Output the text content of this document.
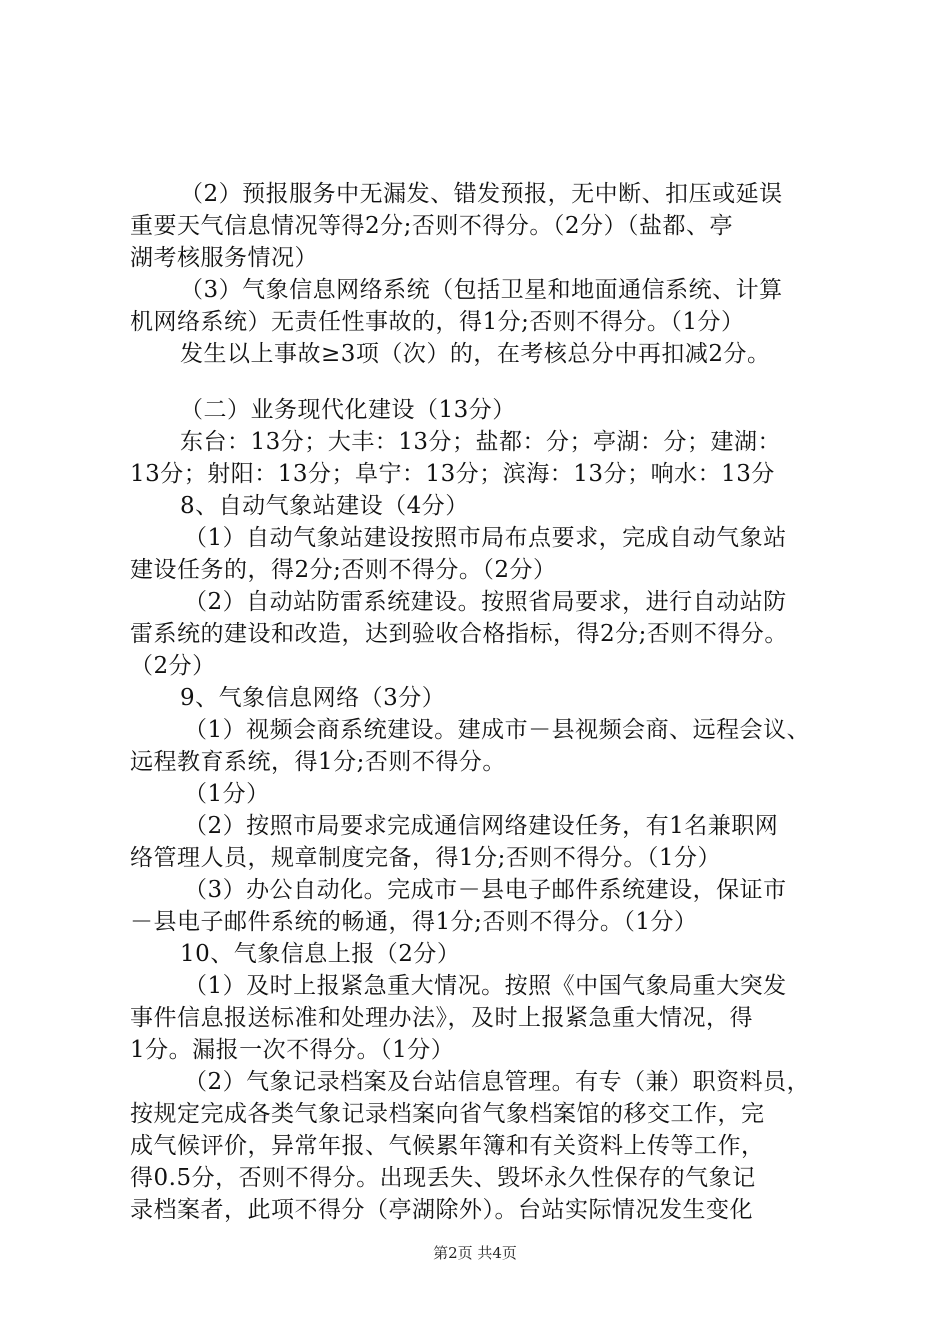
（2）预报服务中无漏发、错发预报，无中断、扣压或延误
重要天气信息情况等得2分;否则不得分。（2分）（盐都、亭
湖考核服务情况）
（3）气象信息网络系统（包括卫星和地面通信系统、计算
机网络系统）无责任性事故的，得1分;否则不得分。（1分）
发生以上事故≥3项（次）的，在考核总分中再扣减2分。
（二）业务现代化建设（13分）
东台：13分；大丰：13分；盐都：分；亭湖：分；建湖：
13分；射阳：13分；阜宁：13分；滨海：13分；响水：13分
8、自动气象站建设（4分）
（1）自动气象站建设按照市局布点要求，完成自动气象站
建设任务的，得2分;否则不得分。（2分）
（2）自动站防雷系统建设。按照省局要求，进行自动站防
雷系统的建设和改造，达到验收合格指标，得2分;否则不得分。
（2分）
9、气象信息网络（3分）
（1）视频会商系统建设。建成市－县视频会商、远程会议、
远程教育系统，得1分;否则不得分。
（1分）
（2）按照市局要求完成通信网络建设任务，有1名兼职网
络管理人员，规章制度完备，得1分;否则不得分。（1分）
（3）办公自动化。完成市－县电子邮件系统建设，保证市
－县电子邮件系统的畅通，得1分;否则不得分。（1分）
10、气象信息上报（2分）
（1）及时上报紧急重大情况。按照《中国气象局重大突发
事件信息报送标准和处理办法》，及时上报紧急重大情况，得
1分。漏报一次不得分。（1分）
（2）气象记录档案及台站信息管理。有专（兼）职资料员，
按规定完成各类气象记录档案向省气象档案馆的移交工作，完
成气候评价，异常年报、气候累年簿和有关资料上传等工作，
得0.5分，否则不得分。出现丢失、毁坏永久性保存的气象记
录档案者，此项不得分（亭湖除外）。台站实际情况发生变化
第2页 共4页
